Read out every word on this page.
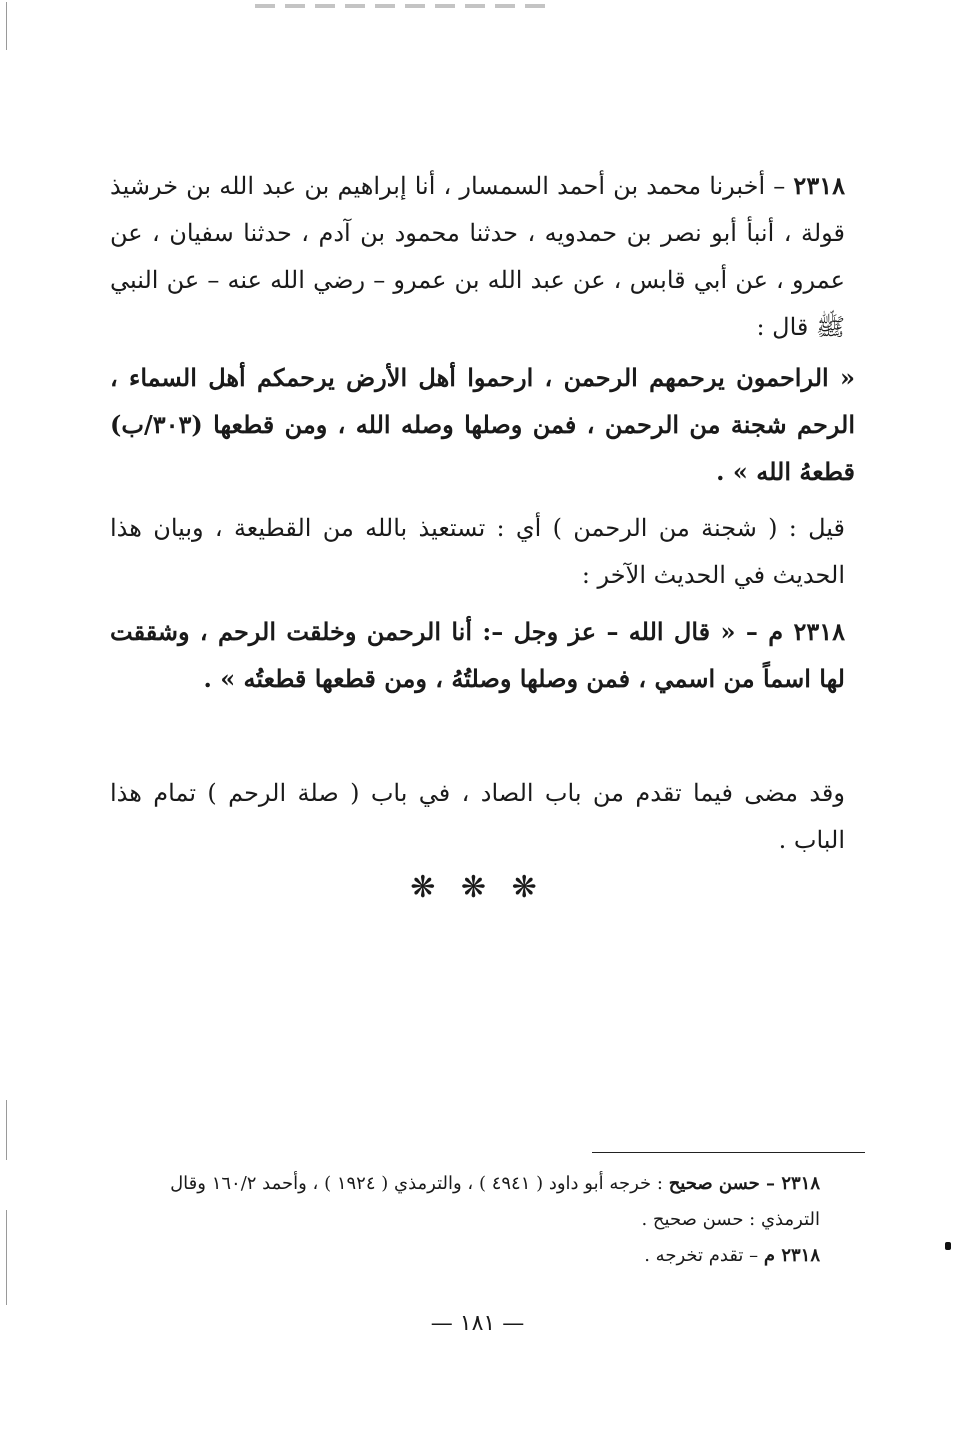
٢٣١٨ – أخبرنا محمد بن أحمد السمسار ، أنا إبراهيم بن عبد الله بن خرشيذ قولة ، أنبأ أبو نصر بن حمدويه ، حدثنا محمود بن آدم ، حدثنا سفيان ، عن عمرو ، عن أبي قابس ، عن عبد الله بن عمرو – رضي الله عنه – عن النبي ﷺ قال :

« الراحمون يرحمهم الرحمن ، ارحموا أهل الأرض يرحمكم أهل السماء ، الرحم شجنة من الرحمن ، فمن وصلها وصله الله ، ومن قطعها (٣٠٣/ب) قطعهُ الله » .

قيل : ( شجنة من الرحمن ) أي : تستعيذ بالله من القطيعة ، وبيان هذا الحديث في الحديث الآخر :

٢٣١٨ م – « قال الله – عز وجل –: أنا الرحمن وخلقت الرحم ، وشققت لها اسماً من اسمي ، فمن وصلها وصلتُهُ ، ومن قطعها قطعتُه » .

وقد مضى فيما تقدم من باب الصاد ، في باب ( صلة الرحم ) تمام هذا الباب .

❋ ❋ ❋

٢٣١٨ – حسن صحيح : خرجه أبو داود ( ٤٩٤١ ) ، والترمذي ( ١٩٢٤ ) ، وأحمد ١٦٠/٢ وقال الترمذي : حسن صحيح .

٢٣١٨ م – تقدم تخرجه .

— ١٨١ —
